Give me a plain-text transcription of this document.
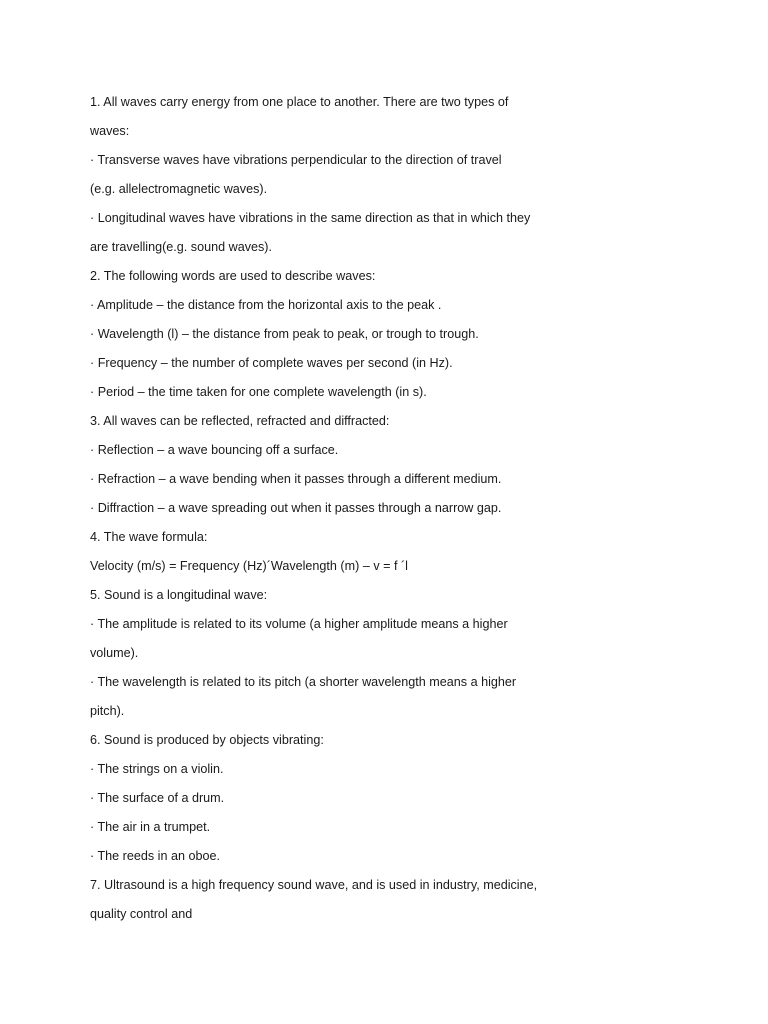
1. All waves carry energy from one place to another. There are two types of
waves:
· Transverse waves have vibrations perpendicular to the direction of travel
(e.g. allelectromagnetic waves).
· Longitudinal waves have vibrations in the same direction as that in which they
are travelling(e.g. sound waves).
2. The following words are used to describe waves:
· Amplitude – the distance from the horizontal axis to the peak .
· Wavelength (l) – the distance from peak to peak, or trough to trough.
· Frequency – the number of complete waves per second (in Hz).
· Period – the time taken for one complete wavelength (in s).
3. All waves can be reflected, refracted and diffracted:
· Reflection – a wave bouncing off a surface.
· Refraction – a wave bending when it passes through a different medium.
· Diffraction – a wave spreading out when it passes through a narrow gap.
4. The wave formula:
Velocity (m/s) = Frequency (Hz)´Wavelength (m) – v = f ´l
5. Sound is a longitudinal wave:
· The amplitude is related to its volume (a higher amplitude means a higher
volume).
· The wavelength is related to its pitch (a shorter wavelength means a higher
pitch).
6. Sound is produced by objects vibrating:
· The strings on a violin.
· The surface of a drum.
· The air in a trumpet.
· The reeds in an oboe.
7. Ultrasound is a high frequency sound wave, and is used in industry, medicine,
quality control and
